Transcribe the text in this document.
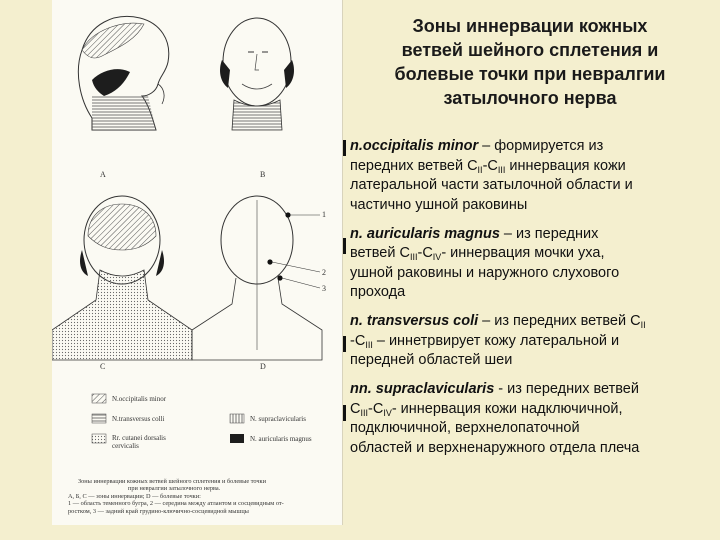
A	B
C	D
1
2
3
N.occipitalis minor
N.transversus colli
Rr. cutanei dorsalis
cervicalis
N. supraclavicularis
N. auricularis magnus
Зоны иннервации кожных ветвей шейного сплетения и болевые точки
при невралгии затылочного нерва.
A, Б, C — зоны иннервации; D — болевые точки:
1 — область теменного бугра, 2 — середина между атлантом и сосцевидным от-
ростком, 3 — задний край грудино-ключично-сосцевидной мышцы
Зоны иннервации кожных
ветвей шейного сплетения и
болевые точки при невралгии
затылочного нерва
n.occipitalis minor – формируется из
передних ветвей $C_{II}-C_{III}$ иннервация кожи
латеральной части затылочной области и
частично ушной раковины
n. auricularis magnus – из передних
ветвей $C_{III}-C_{IV}-$ иннервация мочки уха,
ушной раковины и наружного слухового
прохода
n. transversus coli – из передних ветвей $C_{II}$
$-C_{III}$ – иннетрвирует кожу латеральной и
передней областей шеи
nn. supraclavicularis - из передних ветвей
$C_{III}-C_{IV}-$ иннервация кожи надключичной,
подключичной, верхнелопаточной
областей и верхненаружного отдела плеча
